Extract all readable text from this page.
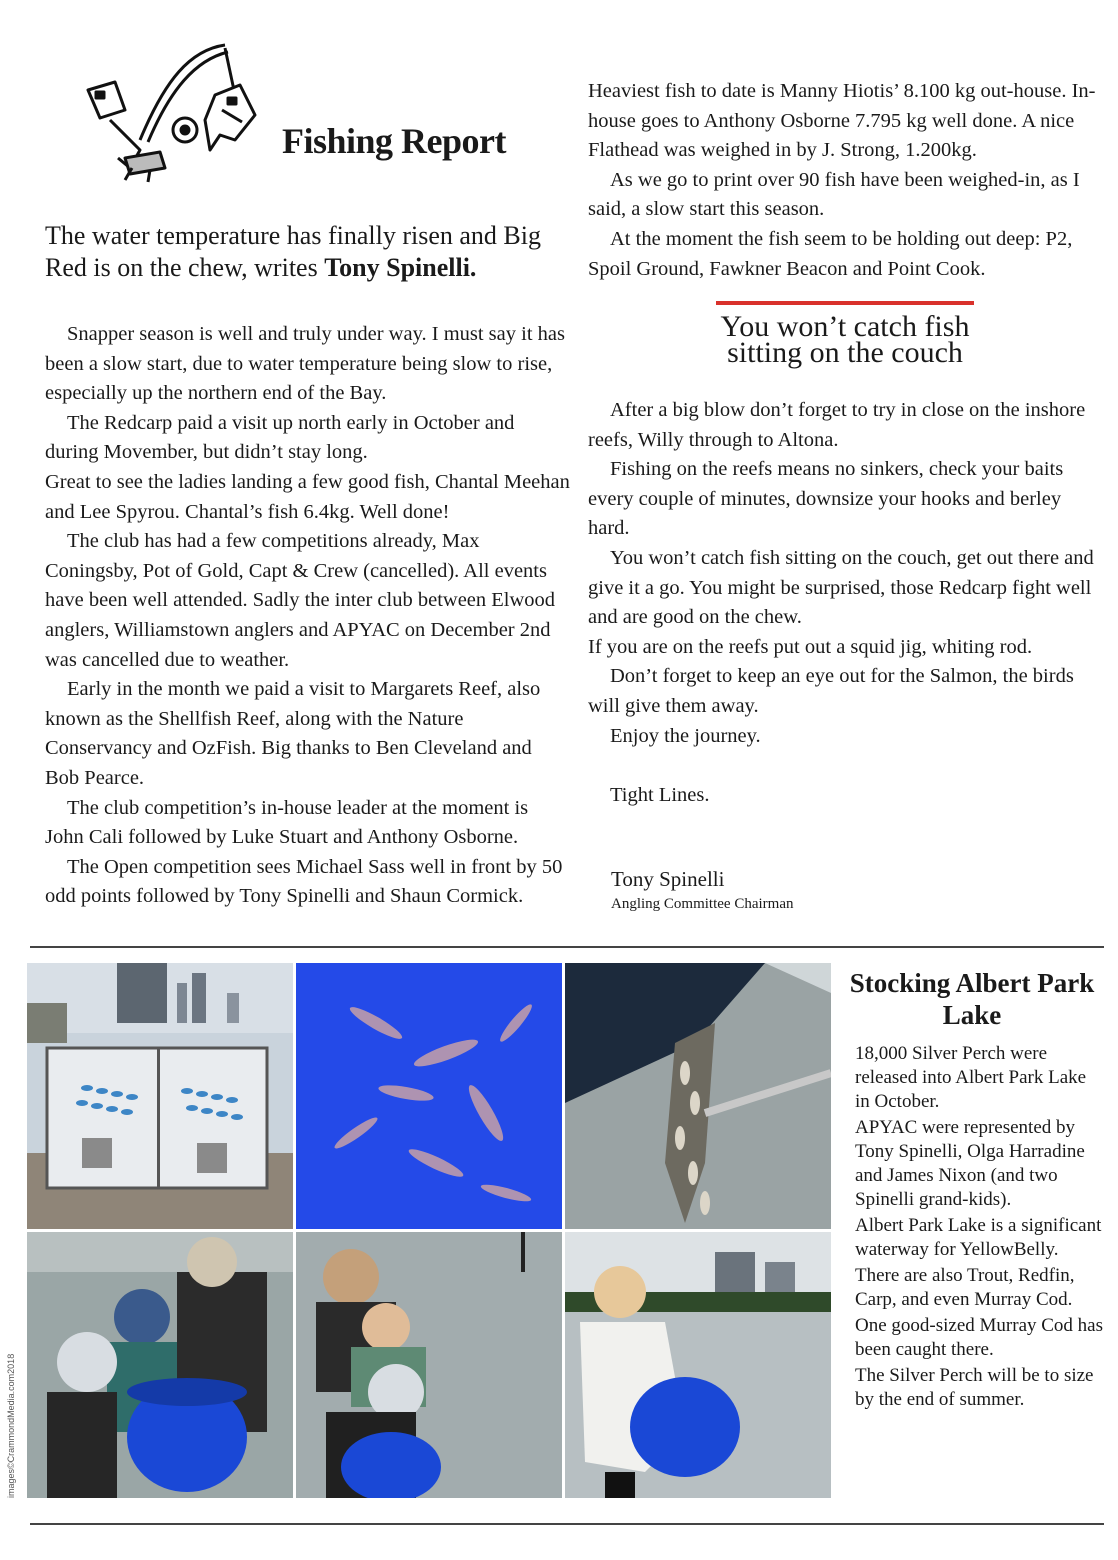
Fishing Report
The water temperature has finally risen and Big Red is on the chew, writes Tony Spinelli.

Snapper season is well and truly under way. I must say it has been a slow start, due to water temperature being slow to rise, especially up the northern end of the Bay.

The Redcarp paid a visit up north early in October and during Movember, but didn’t stay long.

Great to see the ladies landing a few good fish, Chantal Meehan and Lee Spyrou. Chantal’s fish 6.4kg. Well done!

The club has had a few competitions already, Max Coningsby, Pot of Gold, Capt & Crew (cancelled). All events have been well attended. Sadly the inter club between Elwood anglers, Williamstown anglers and APYAC on December 2nd was cancelled due to weather.

Early in the month we paid a visit to Margarets Reef, also known as the Shellfish Reef, along with the Nature Conservancy and OzFish. Big thanks to Ben Cleveland and Bob Pearce.

The club competition’s in-house leader at the moment is John Cali followed by Luke Stuart and Anthony Osborne.

The Open competition sees Michael Sass well in front by 50 odd points followed by Tony Spinelli and Shaun Cormick.

Heaviest fish to date is Manny Hiotis’ 8.100 kg out-house. In-house goes to Anthony Osborne 7.795 kg well done. A nice Flathead was weighed in by J. Strong, 1.200kg.

As we go to print over 90 fish have been weighed-in, as I said, a slow start this season.

At the moment the fish seem to be holding out deep: P2, Spoil Ground, Fawkner Beacon and Point Cook.

You won’t catch fish
sitting on the couch

After a big blow don’t forget to try in close on the inshore reefs, Willy through to Altona.

Fishing on the reefs means no sinkers, check your baits every couple of minutes, downsize your hooks and berley hard.

You won’t catch fish sitting on the couch, get out there and give it a go. You might be surprised, those Redcarp fight well and are good on the chew.

If you are on the reefs put out a squid jig, whiting rod.

Don’t forget to keep an eye out for the Salmon, the birds will give them away.

Enjoy the journey.

Tight Lines.

Tony Spinelli
Angling Committee Chairman
images©CrammondMedia.com2018
Stocking Albert Park Lake

18,000 Silver Perch were released into Albert Park Lake in October.

APYAC were represented by Tony Spinelli, Olga Harradine and James Nixon (and two Spinelli grand-kids).

Albert Park Lake is a significant waterway for YellowBelly.

There are also Trout, Redfin, Carp, and even Murray Cod.

One good-sized Murray Cod has been caught there.

The Silver Perch will be to size by the end of summer.
